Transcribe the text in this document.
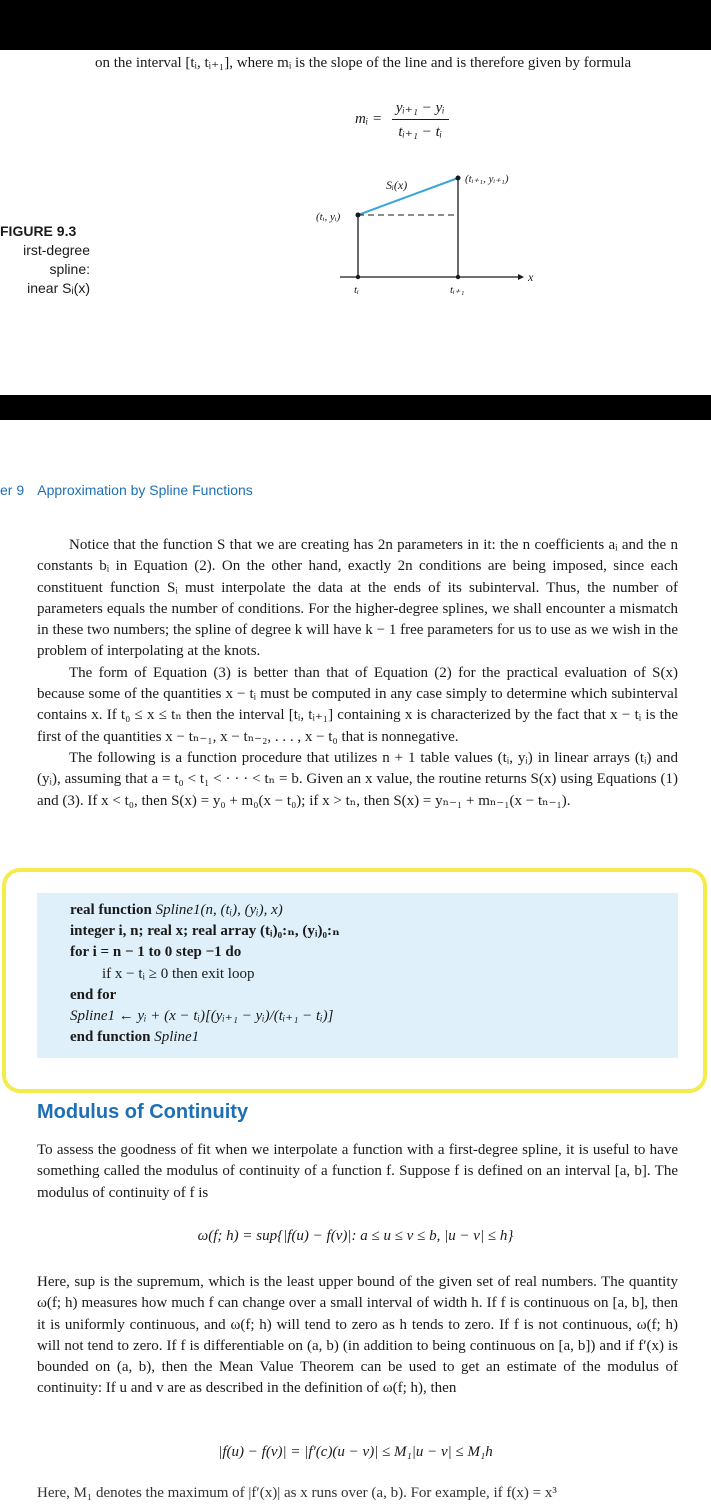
on the interval [tᵢ, tᵢ₊₁], where mᵢ is the slope of the line and is therefore given by formula
mᵢ = $\frac{\text{yᵢ₊₁ − yᵢ}}{\text{tᵢ₊₁ − tᵢ}}$
FIGURE 9.3
irst-degree
spline:
inear Sᵢ(x)
Sᵢ(x)	(tᵢ₊₁, yᵢ₊₁)
(tᵢ, yᵢ)
tᵢ	tᵢ₊₁
x
er 9 Approximation by Spline Functions

Notice that the function S that we are creating has 2n parameters in it: the n coefficients aᵢ and the n constants bᵢ in Equation (2). On the other hand, exactly 2n conditions are being imposed, since each constituent function Sᵢ must interpolate the data at the ends of its subinterval. Thus, the number of parameters equals the number of conditions. For the higher-degree splines, we shall encounter a mismatch in these two numbers; the spline of degree k will have k − 1 free parameters for us to use as we wish in the problem of interpolating at the knots.

The form of Equation (3) is better than that of Equation (2) for the practical evaluation of S(x) because some of the quantities x − tᵢ must be computed in any case simply to determine which subinterval contains x. If t₀ ≤ x ≤ tₙ then the interval [tᵢ, tᵢ₊₁] containing x is characterized by the fact that x − tᵢ is the first of the quantities x − tₙ₋₁, x − tₙ₋₂, . . . , x − t₀ that is nonnegative.

The following is a function procedure that utilizes n + 1 table values (tᵢ, yᵢ) in linear arrays (tᵢ) and (yᵢ), assuming that a = t₀ < t₁ < · · · < tₙ = b. Given an x value, the routine returns S(x) using Equations (1) and (3). If x < t₀, then S(x) = y₀ + m₀(x − t₀); if x > tₙ, then S(x) = yₙ₋₁ + mₙ₋₁(x − tₙ₋₁).

real function Spline1(n, (tᵢ), (yᵢ), x)
integer i, n; real x; real array (tᵢ)₀:ₙ, (yᵢ)₀:ₙ
for i = n − 1 to 0 step −1 do
if x − tᵢ ≥ 0 then exit loop
end for
Spline1 ← yᵢ + (x − tᵢ)[(yᵢ₊₁ − yᵢ)/(tᵢ₊₁ − tᵢ)]
end function Spline1
Modulus of Continuity
To assess the goodness of fit when we interpolate a function with a first-degree spline, it is useful to have something called the modulus of continuity of a function f. Suppose f is defined on an interval [a, b]. The modulus of continuity of f is
ω(f; h) = sup{|f(u) − f(v)|: a ≤ u ≤ v ≤ b, |u − v| ≤ h}
Here, sup is the supremum, which is the least upper bound of the given set of real numbers. The quantity ω(f; h) measures how much f can change over a small interval of width h. If f is continuous on [a, b], then it is uniformly continuous, and ω(f; h) will tend to zero as h tends to zero. If f is not continuous, ω(f; h) will not tend to zero. If f is differentiable on (a, b) (in addition to being continuous on [a, b]) and if f′(x) is bounded on (a, b), then the Mean Value Theorem can be used to get an estimate of the modulus of continuity: If u and v are as described in the definition of ω(f; h), then
|f(u) − f(v)| = |f′(c)(u − v)| ≤ M₁|u − v| ≤ M₁h
Here, M₁ denotes the maximum of |f′(x)| as x runs over (a, b). For example, if f(x) = x³
